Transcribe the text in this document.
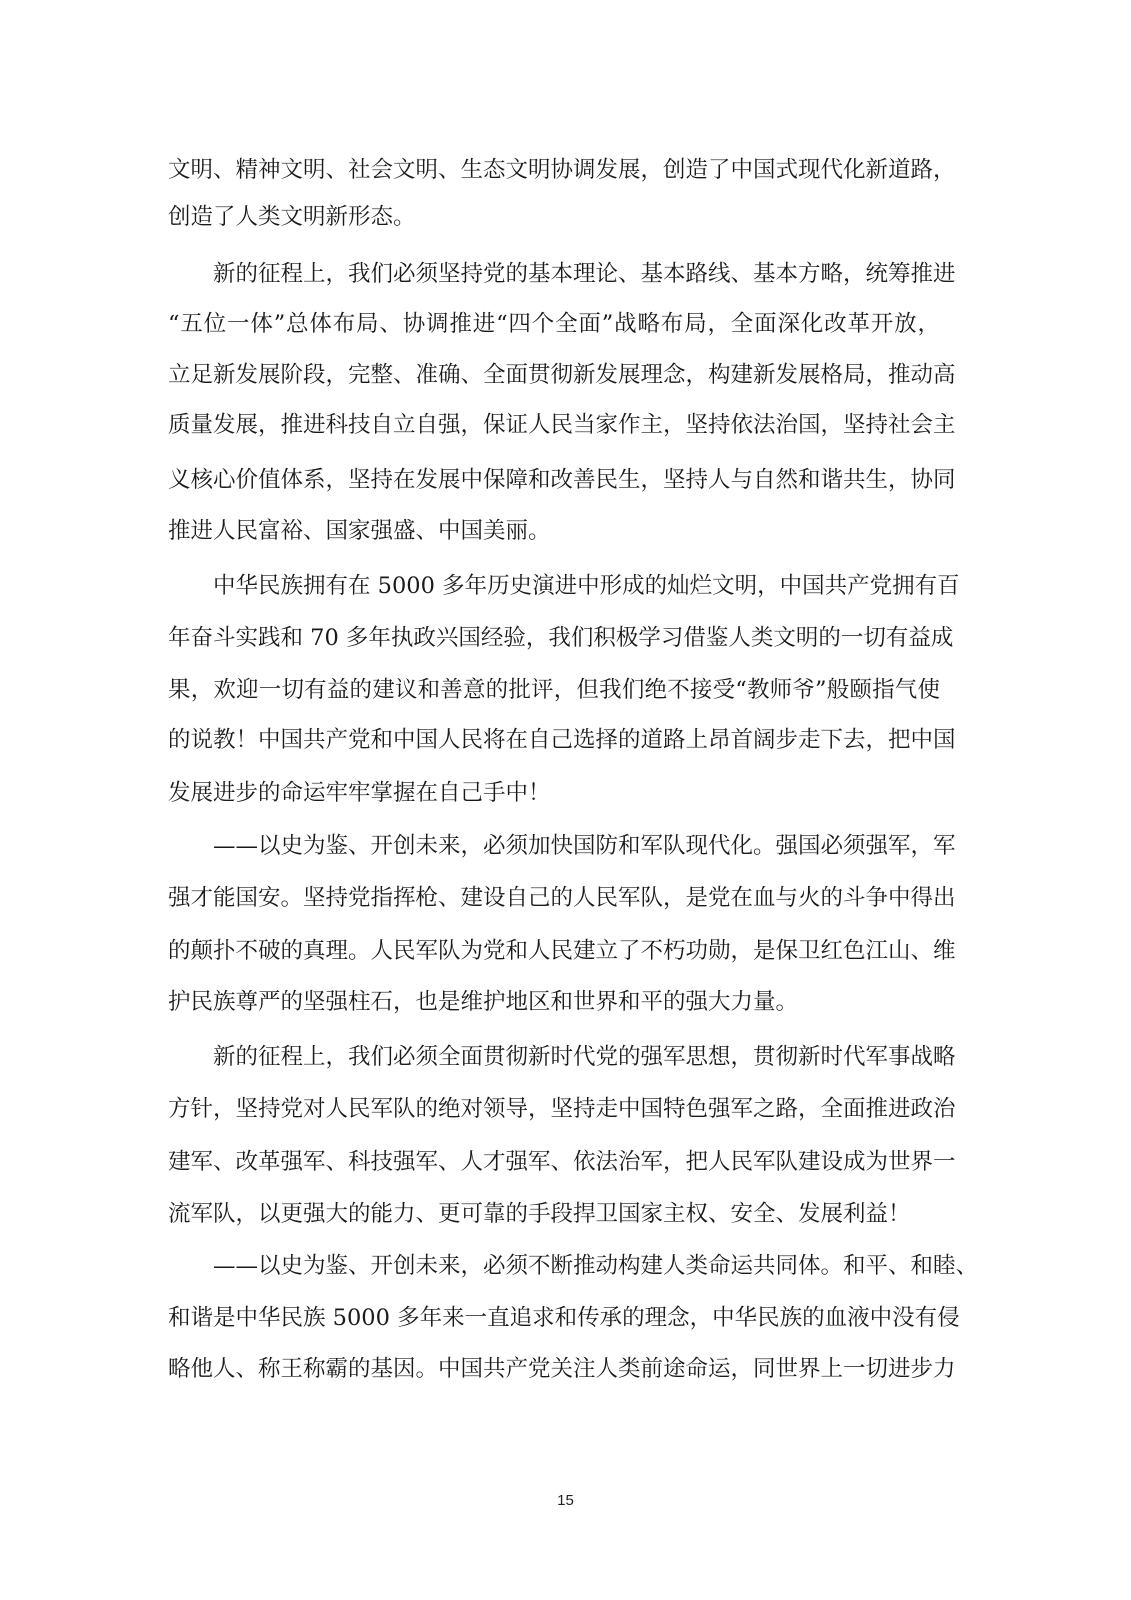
文明、精神文明、社会文明、生态文明协调发展，创造了中国式现代化新道路，
创造了人类文明新形态。
新的征程上，我们必须坚持党的基本理论、基本路线、基本方略，统筹推进
“五位一体”总体布局、协调推进“四个全面”战略布局，全面深化改革开放，
立足新发展阶段，完整、准确、全面贯彻新发展理念，构建新发展格局，推动高
质量发展，推进科技自立自强，保证人民当家作主，坚持依法治国，坚持社会主
义核心价值体系，坚持在发展中保障和改善民生，坚持人与自然和谐共生，协同
推进人民富裕、国家强盛、中国美丽。
中华民族拥有在 5000 多年历史演进中形成的灿烂文明，中国共产党拥有百
年奋斗实践和 70 多年执政兴国经验，我们积极学习借鉴人类文明的一切有益成
果，欢迎一切有益的建议和善意的批评，但我们绝不接受“教师爷”般颐指气使
的说教！中国共产党和中国人民将在自己选择的道路上昂首阔步走下去，把中国
发展进步的命运牢牢掌握在自己手中！
——以史为鉴、开创未来，必须加快国防和军队现代化。强国必须强军，军
强才能国安。坚持党指挥枪、建设自己的人民军队，是党在血与火的斗争中得出
的颠扑不破的真理。人民军队为党和人民建立了不朽功勋，是保卫红色江山、维
护民族尊严的坚强柱石，也是维护地区和世界和平的强大力量。
新的征程上，我们必须全面贯彻新时代党的强军思想，贯彻新时代军事战略
方针，坚持党对人民军队的绝对领导，坚持走中国特色强军之路，全面推进政治
建军、改革强军、科技强军、人才强军、依法治军，把人民军队建设成为世界一
流军队，以更强大的能力、更可靠的手段捍卫国家主权、安全、发展利益！
——以史为鉴、开创未来，必须不断推动构建人类命运共同体。和平、和睦、
和谐是中华民族 5000 多年来一直追求和传承的理念，中华民族的血液中没有侵
略他人、称王称霸的基因。中国共产党关注人类前途命运，同世界上一切进步力
15
